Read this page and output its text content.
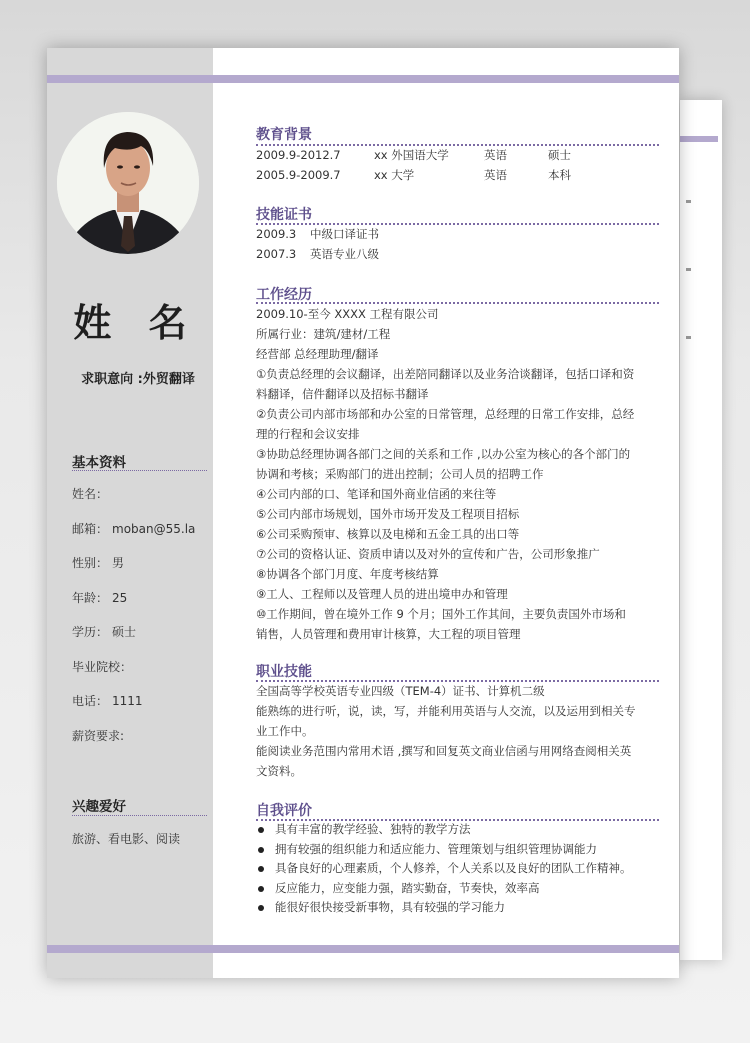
姓 名
求职意向 :外贸翻译
基本资料
姓名：
邮箱： moban@55.la
性别： 男
年龄： 25
学历： 硕士
毕业院校：
电话： 1111
薪资要求:
兴趣爱好
旅游、看电影、阅读
教育背景
2009.9-2012.7	xx 外国语大学	英语	硕士
2005.9-2009.7	xx 大学	英语	本科
技能证书
2009.3 中级口译证书
2007.3 英语专业八级
工作经历
2009.10-至今 XXXX 工程有限公司
所属行业：建筑/建材/工程
经营部 总经理助理/翻译
①负责总经理的会议翻译，出差陪同翻译以及业务洽谈翻译，包括口译和资
料翻译，信件翻译以及招标书翻译
②负责公司内部市场部和办公室的日常管理，总经理的日常工作安排，总经
理的行程和会议安排
③协助总经理协调各部门之间的关系和工作 ,以办公室为核心的各个部门的
协调和考核；采购部门的进出控制；公司人员的招聘工作
④公司内部的口、笔译和国外商业信函的来往等
⑤公司内部市场规划，国外市场开发及工程项目招标
⑥公司采购预审、核算以及电梯和五金工具的出口等
⑦公司的资格认证、资质申请以及对外的宣传和广告，公司形象推广
⑧协调各个部门月度、年度考核结算
⑨工人、工程师以及管理人员的进出境申办和管理
⑩工作期间，曾在境外工作 9 个月；国外工作其间，主要负责国外市场和
销售，人员管理和费用审计核算，大工程的项目管理
职业技能
全国高等学校英语专业四级（TEM-4）证书、计算机二级
能熟练的进行听，说，读，写，并能利用英语与人交流，以及运用到相关专
业工作中。
能阅读业务范围内常用术语 ,撰写和回复英文商业信函与用网络查阅相关英
文资料。
自我评价
具有丰富的教学经验、独特的教学方法
拥有较强的组织能力和适应能力、管理策划与组织管理协调能力
具备良好的心理素质，个人修养，个人关系以及良好的团队工作精神。
反应能力，应变能力强，踏实勤奋，节奏快，效率高
能很好很快接受新事物，具有较强的学习能力
